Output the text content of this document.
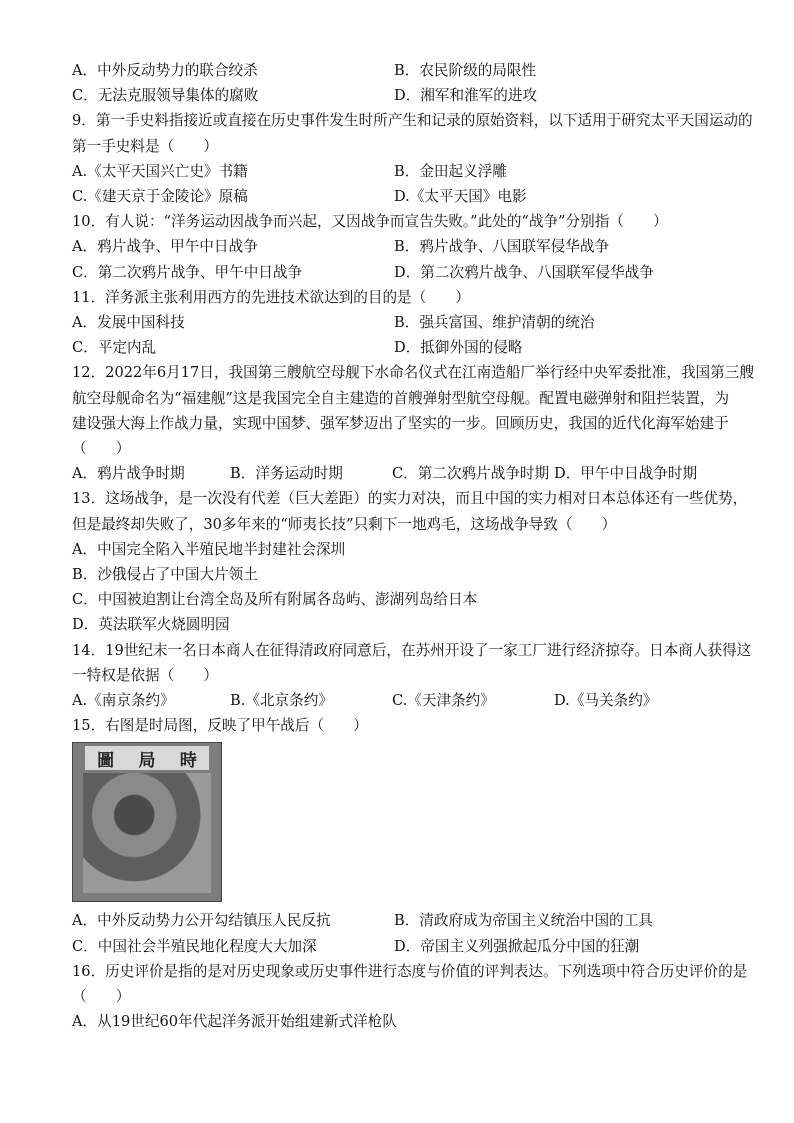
A．中外反动势力的联合绞杀	B．农民阶级的局限性
C．无法克服领导集体的腐败	D．湘军和淮军的进攻
9．第一手史料指接近或直接在历史事件发生时所产生和记录的原始资料，以下适用于研究太平天国运动的
第一手史料是（　　）
A.《太平天国兴亡史》书籍	B．金田起义浮雕
C.《建天京于金陵论》原稿	D.《太平天国》电影
10．有人说：“洋务运动因战争而兴起，又因战争而宣告失败。”此处的“战争”分别指（　　）
A．鸦片战争、甲午中日战争	B．鸦片战争、八国联军侵华战争
C．第二次鸦片战争、甲午中日战争	D．第二次鸦片战争、八国联军侵华战争
11．洋务派主张利用西方的先进技术欲达到的目的是（　　）
A．发展中国科技	B．强兵富国、维护清朝的统治
C．平定内乱	D．抵御外国的侵略
12．2022年6月17日，我国第三艘航空母舰下水命名仪式在江南造船厂举行经中央军委批准，我国第三艘
航空母舰命名为“福建舰”这是我国完全自主建造的首艘弹射型航空母舰。配置电磁弹射和阻拦装置，为
建设强大海上作战力量，实现中国梦、强军梦迈出了坚实的一步。回顾历史，我国的近代化海军始建于
（　　）
A．鸦片战争时期	B．洋务运动时期	C．第二次鸦片战争时期 D．甲午中日战争时期
13．这场战争，是一次没有代差（巨大差距）的实力对决，而且中国的实力相对日本总体还有一些优势，
但是最终却失败了，30多年来的“师夷长技”只剩下一地鸡毛，这场战争导致（　　）
A．中国完全陷入半殖民地半封建社会深圳
B．沙俄侵占了中国大片领土
C．中国被迫割让台湾全岛及所有附属各岛屿、澎湖列岛给日本
D．英法联军火烧圆明园
14．19世纪末一名日本商人在征得清政府同意后，在苏州开设了一家工厂进行经济掠夺。日本商人获得这
一特权是依据（　　）
A.《南京条约》	B.《北京条约》	C.《天津条约》	D.《马关条约》
15．右图是时局图，反映了甲午战后（　　）
圖 局 時
A．中外反动势力公开勾结镇压人民反抗	B．清政府成为帝国主义统治中国的工具
C．中国社会半殖民地化程度大大加深	D．帝国主义列强掀起瓜分中国的狂潮
16．历史评价是指的是对历史现象或历史事件进行态度与价值的评判表达。下列选项中符合历史评价的是
（　　）
A．从19世纪60年代起洋务派开始组建新式洋枪队
